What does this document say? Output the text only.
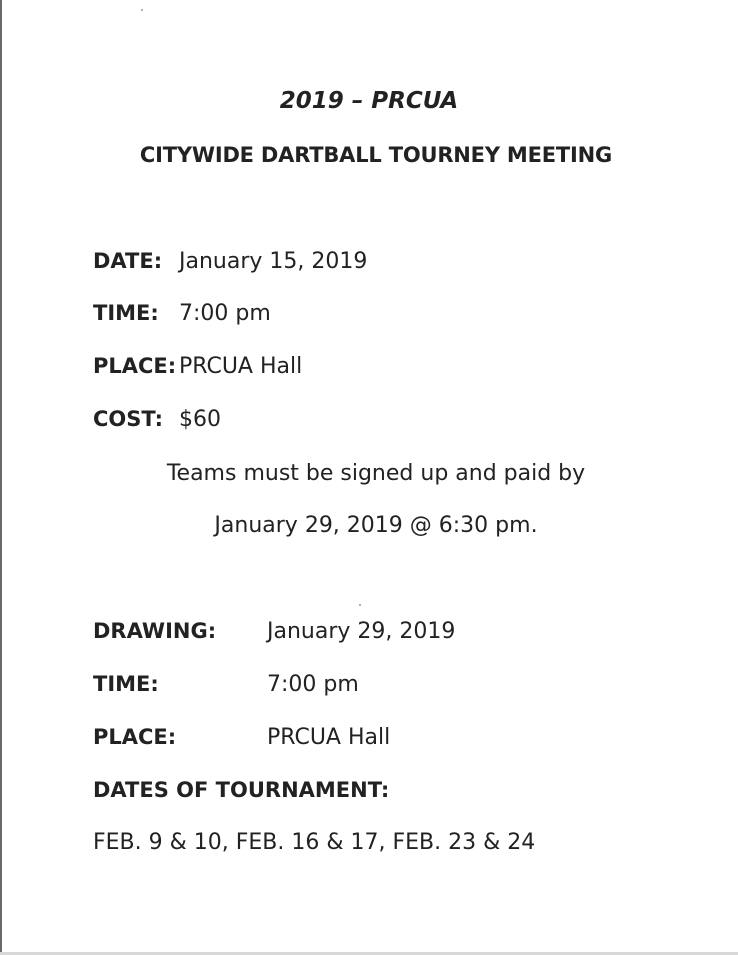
2019 – PRCUA
CITYWIDE DARTBALL TOURNEY MEETING
DATE: January 15, 2019
TIME: 7:00 pm
PLACE: PRCUA Hall
COST: $60
Teams must be signed up and paid by
January 29, 2019 @ 6:30 pm.
DRAWING: January 29, 2019
TIME:	7:00 pm
PLACE:	PRCUA Hall
DATES OF TOURNAMENT:
FEB. 9 & 10, FEB. 16 & 17, FEB. 23 & 24
